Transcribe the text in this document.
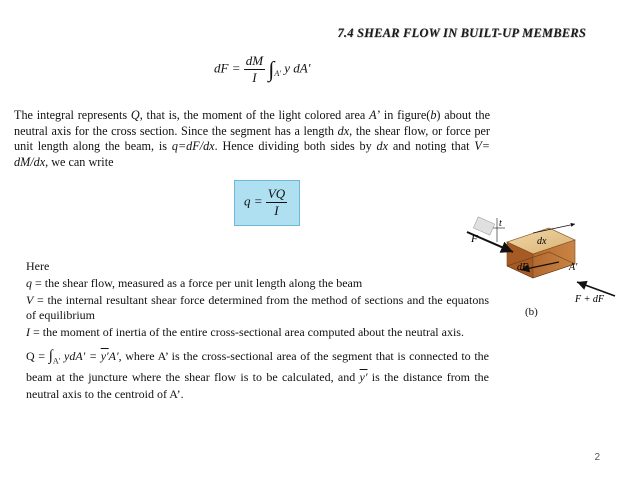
7.4 SHEAR FLOW IN BUILT-UP MEMBERS
dF = $\frac{dM}{I} \int_{A'}$ y dA′
The integral represents Q, that is, the moment of the light colored area A’ in figure(b) about the neutral axis for the cross section. Since the segment has a length dx, the shear flow, or force per unit length along the beam, is q=dF/dx. Hence dividing both sides by dx and noting that V= dM/dx, we can write
$q = \frac{VQ}{I}$
Here
q = the shear flow, measured as a force per unit length along the beam
V = the internal resultant shear force determined from the method of sections and the equatons of equilibrium
I = the moment of inertia of the entire cross-sectional area computed about the neutral axis.
$Q = \int_{A'}$ ydA′ = y′A′, where A’ is the cross-sectional area of the segment that is connected to the beam at the juncture where the shear flow is to be calculated, and y′ is the distance from the neutral axis to the centroid of A’.
t
F	dx
dF	A′
F + dF
(b)
2
